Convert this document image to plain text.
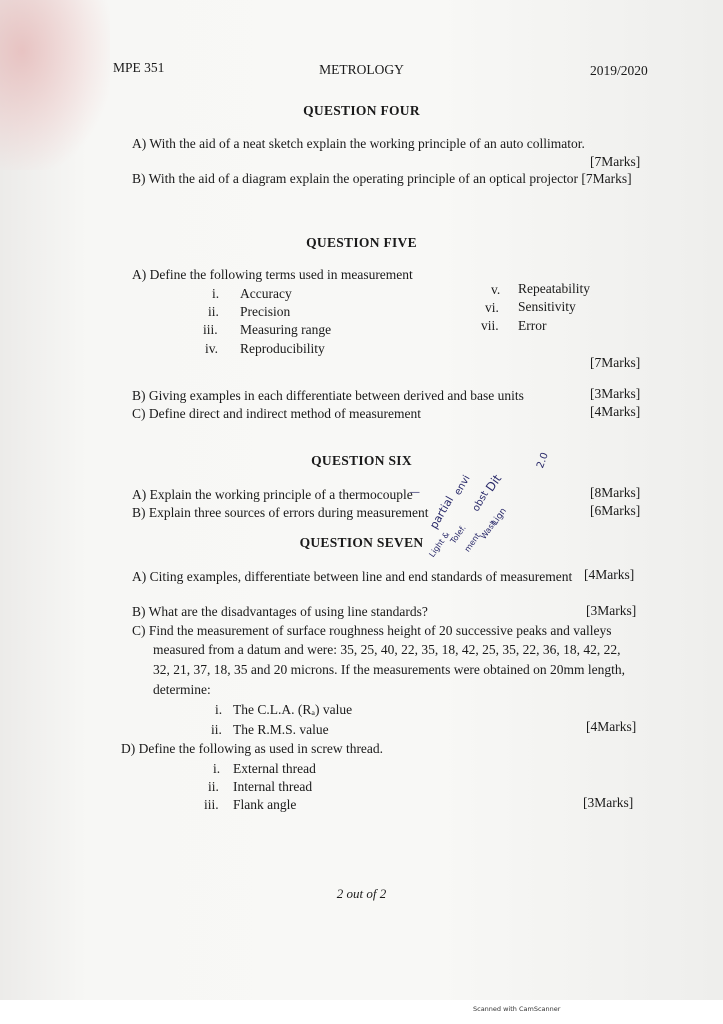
MPE 351	METROLOGY	2019/2020
QUESTION FOUR
A) With the aid of a neat sketch explain the working principle of an auto collimator.
[7Marks]
B) With the aid of a diagram explain the operating principle of an optical projector [7Marks]
QUESTION FIVE
A) Define the following terms used in measurement
i. Accuracy
ii. Precision
iii. Measuring range
iv. Reproducibility
v. Repeatability
vi. Sensitivity
vii. Error
[7Marks]
B) Giving examples in each differentiate between derived and base units	[3Marks]
C) Define direct and indirect method of measurement	[4Marks]
QUESTION SIX
A) Explain the working principle of a thermocouple	[8Marks]
B) Explain three sources of errors during measurement	[6Marks]
—
partial
envi
obst
Dit
2.0
Light &
Tolef.
ment
Wash
Lign
QUESTION SEVEN
A) Citing examples, differentiate between line and end standards of measurement [4Marks]
B) What are the disadvantages of using line standards?	[3Marks]
C) Find the measurement of surface roughness height of 20 successive peaks and valleys
measured from a datum and were: 35, 25, 40, 22, 35, 18, 42, 25, 35, 22, 36, 18, 42, 22,
32, 21, 37, 18, 35 and 20 microns. If the measurements were obtained on 20mm length,
determine:
i. The C.L.A. (Rₐ) value
ii. The R.M.S. value	[4Marks]
D) Define the following as used in screw thread.
i. External thread
ii. Internal thread
iii. Flank angle	[3Marks]
2 out of 2
Scanned with CamScanner
